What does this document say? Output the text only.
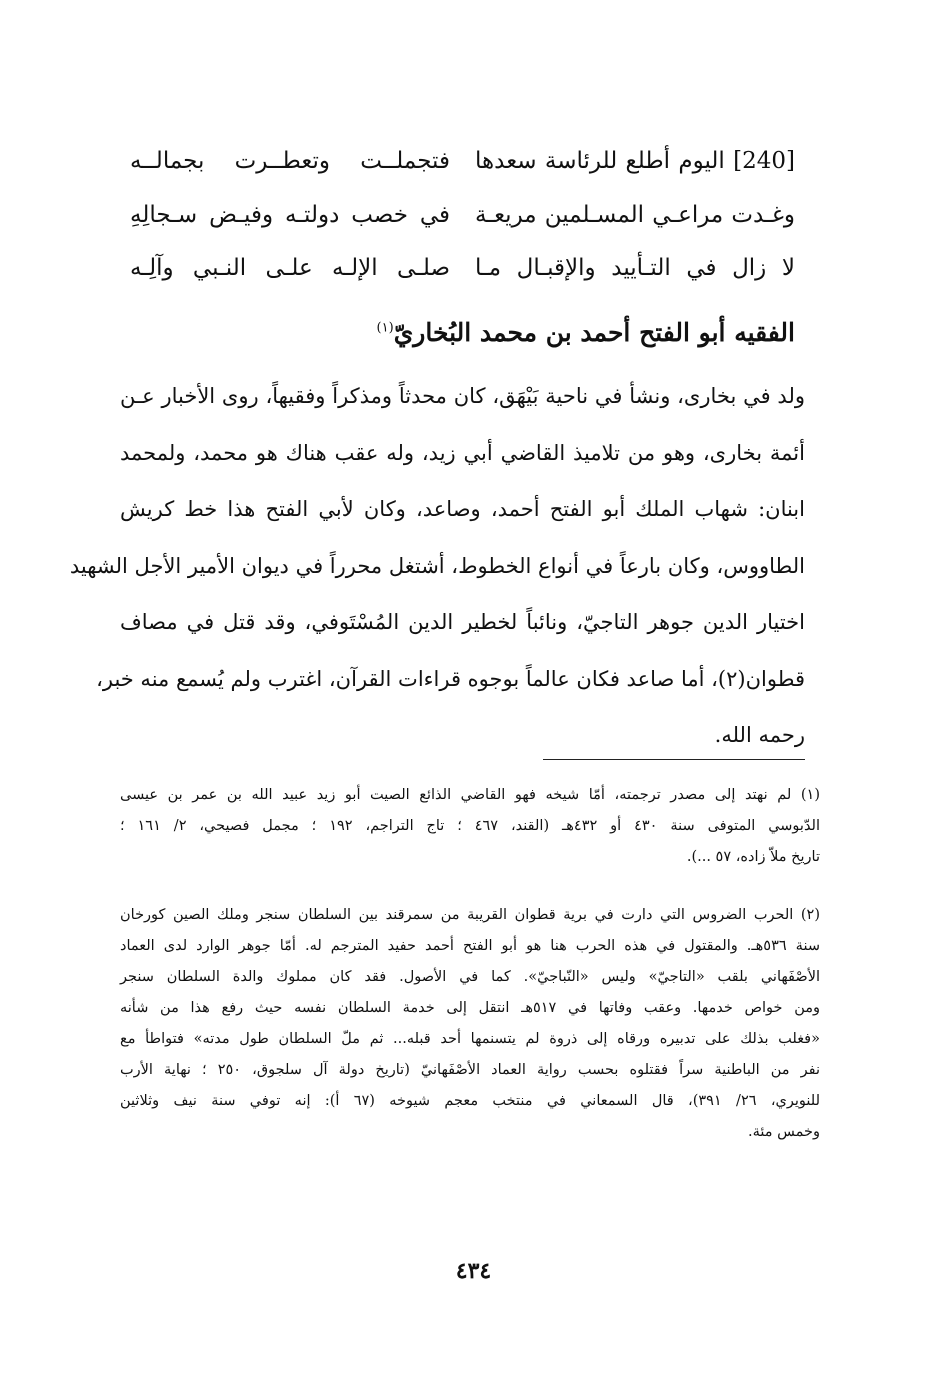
[240] اليوم أطلع للرئاسة سعدها
فتجملــت وتعطــرت بجمالــه
وغـدت مراعـي المسـلمين مريعـة
في خصب دولتـه وفيـض سـجالِهِ
لا زال في التـأييد والإقبـال مـا
صلـى الإلـه علـى النـبي وآلِـه
الفقيه أبو الفتح أحمد بن محمد البُخاريّ$^{(١)}$
ولد في بخارى، ونشأ في ناحية بَيْهَق، كان محدثاً ومذكراً وفقيهاً، روى الأخبار عـن
أئمة بخارى، وهو من تلاميذ القاضي أبي زيد، وله عقب هناك هو محمد، ولمحمد
ابنان: شهاب الملك أبو الفتح أحمد، وصاعد، وكان لأبي الفتح هذا خط كريش
الطاووس، وكان بارعاً في أنواع الخطوط، أشتغل محرراً في ديوان الأمير الأجل الشهيد
اختيار الدين جوهر التاجيّ، ونائباً لخطير الدين المُسْتَوفي، وقد قتل في مصاف
قطوان(٢)، أما صاعد فكان عالماً بوجوه قراءات القرآن، اغترب ولم يُسمع منه خبر،
رحمه الله.
(١) لم نهتد إلى مصدر ترجمته، أمّا شيخه فهو القاضي الذائع الصيت أبو زيد عبيد الله بن عمر بن عيسى
الدّبوسي المتوفى سنة ٤٣٠ أو ٤٣٢هـ (القند، ٤٦٧ ؛ تاج التراجم، ١٩٢ ؛ مجمل فصيحي، ٢/ ١٦١ ؛
تاريخ ملاّ زاده، ٥٧ ...).
(٢) الحرب الضروس التي دارت في برية قطوان القريبة من سمرقند بين السلطان سنجر وملك الصين كورخان
سنة ٥٣٦هـ. والمقتول في هذه الحرب هنا هو أبو الفتح أحمد حفيد المترجم له. أمّا جوهر الوارد لدى العماد
الأصْفَهاني بلقب «التاجيّ» وليس «النّباجيّ». كما في الأصول. فقد كان مملوك والدة السلطان سنجر
ومن خواص خدمها. وعقب وفاتها في ٥١٧هـ انتقل إلى خدمة السلطان نفسه حيث رفع هذا من شأنه
«فغلب بذلك على تدبيره ورقاه إلى ذروة لم يتسنمها أحد قبله... ثم ملّ السلطان طول مدته» فتواطأ مع
نفر من الباطنية سراً فقتلوه بحسب رواية العماد الأصْفَهانيّ (تاريخ دولة آل سلجوق، ٢٥٠ ؛ نهاية الأرب
للنويري، ٢٦/ ٣٩١)، قال السمعاني في منتخب معجم شيوخه (٦٧ أ): إنه توفي سنة نيف وثلاثين
وخمس مئة.
٤٣٤
